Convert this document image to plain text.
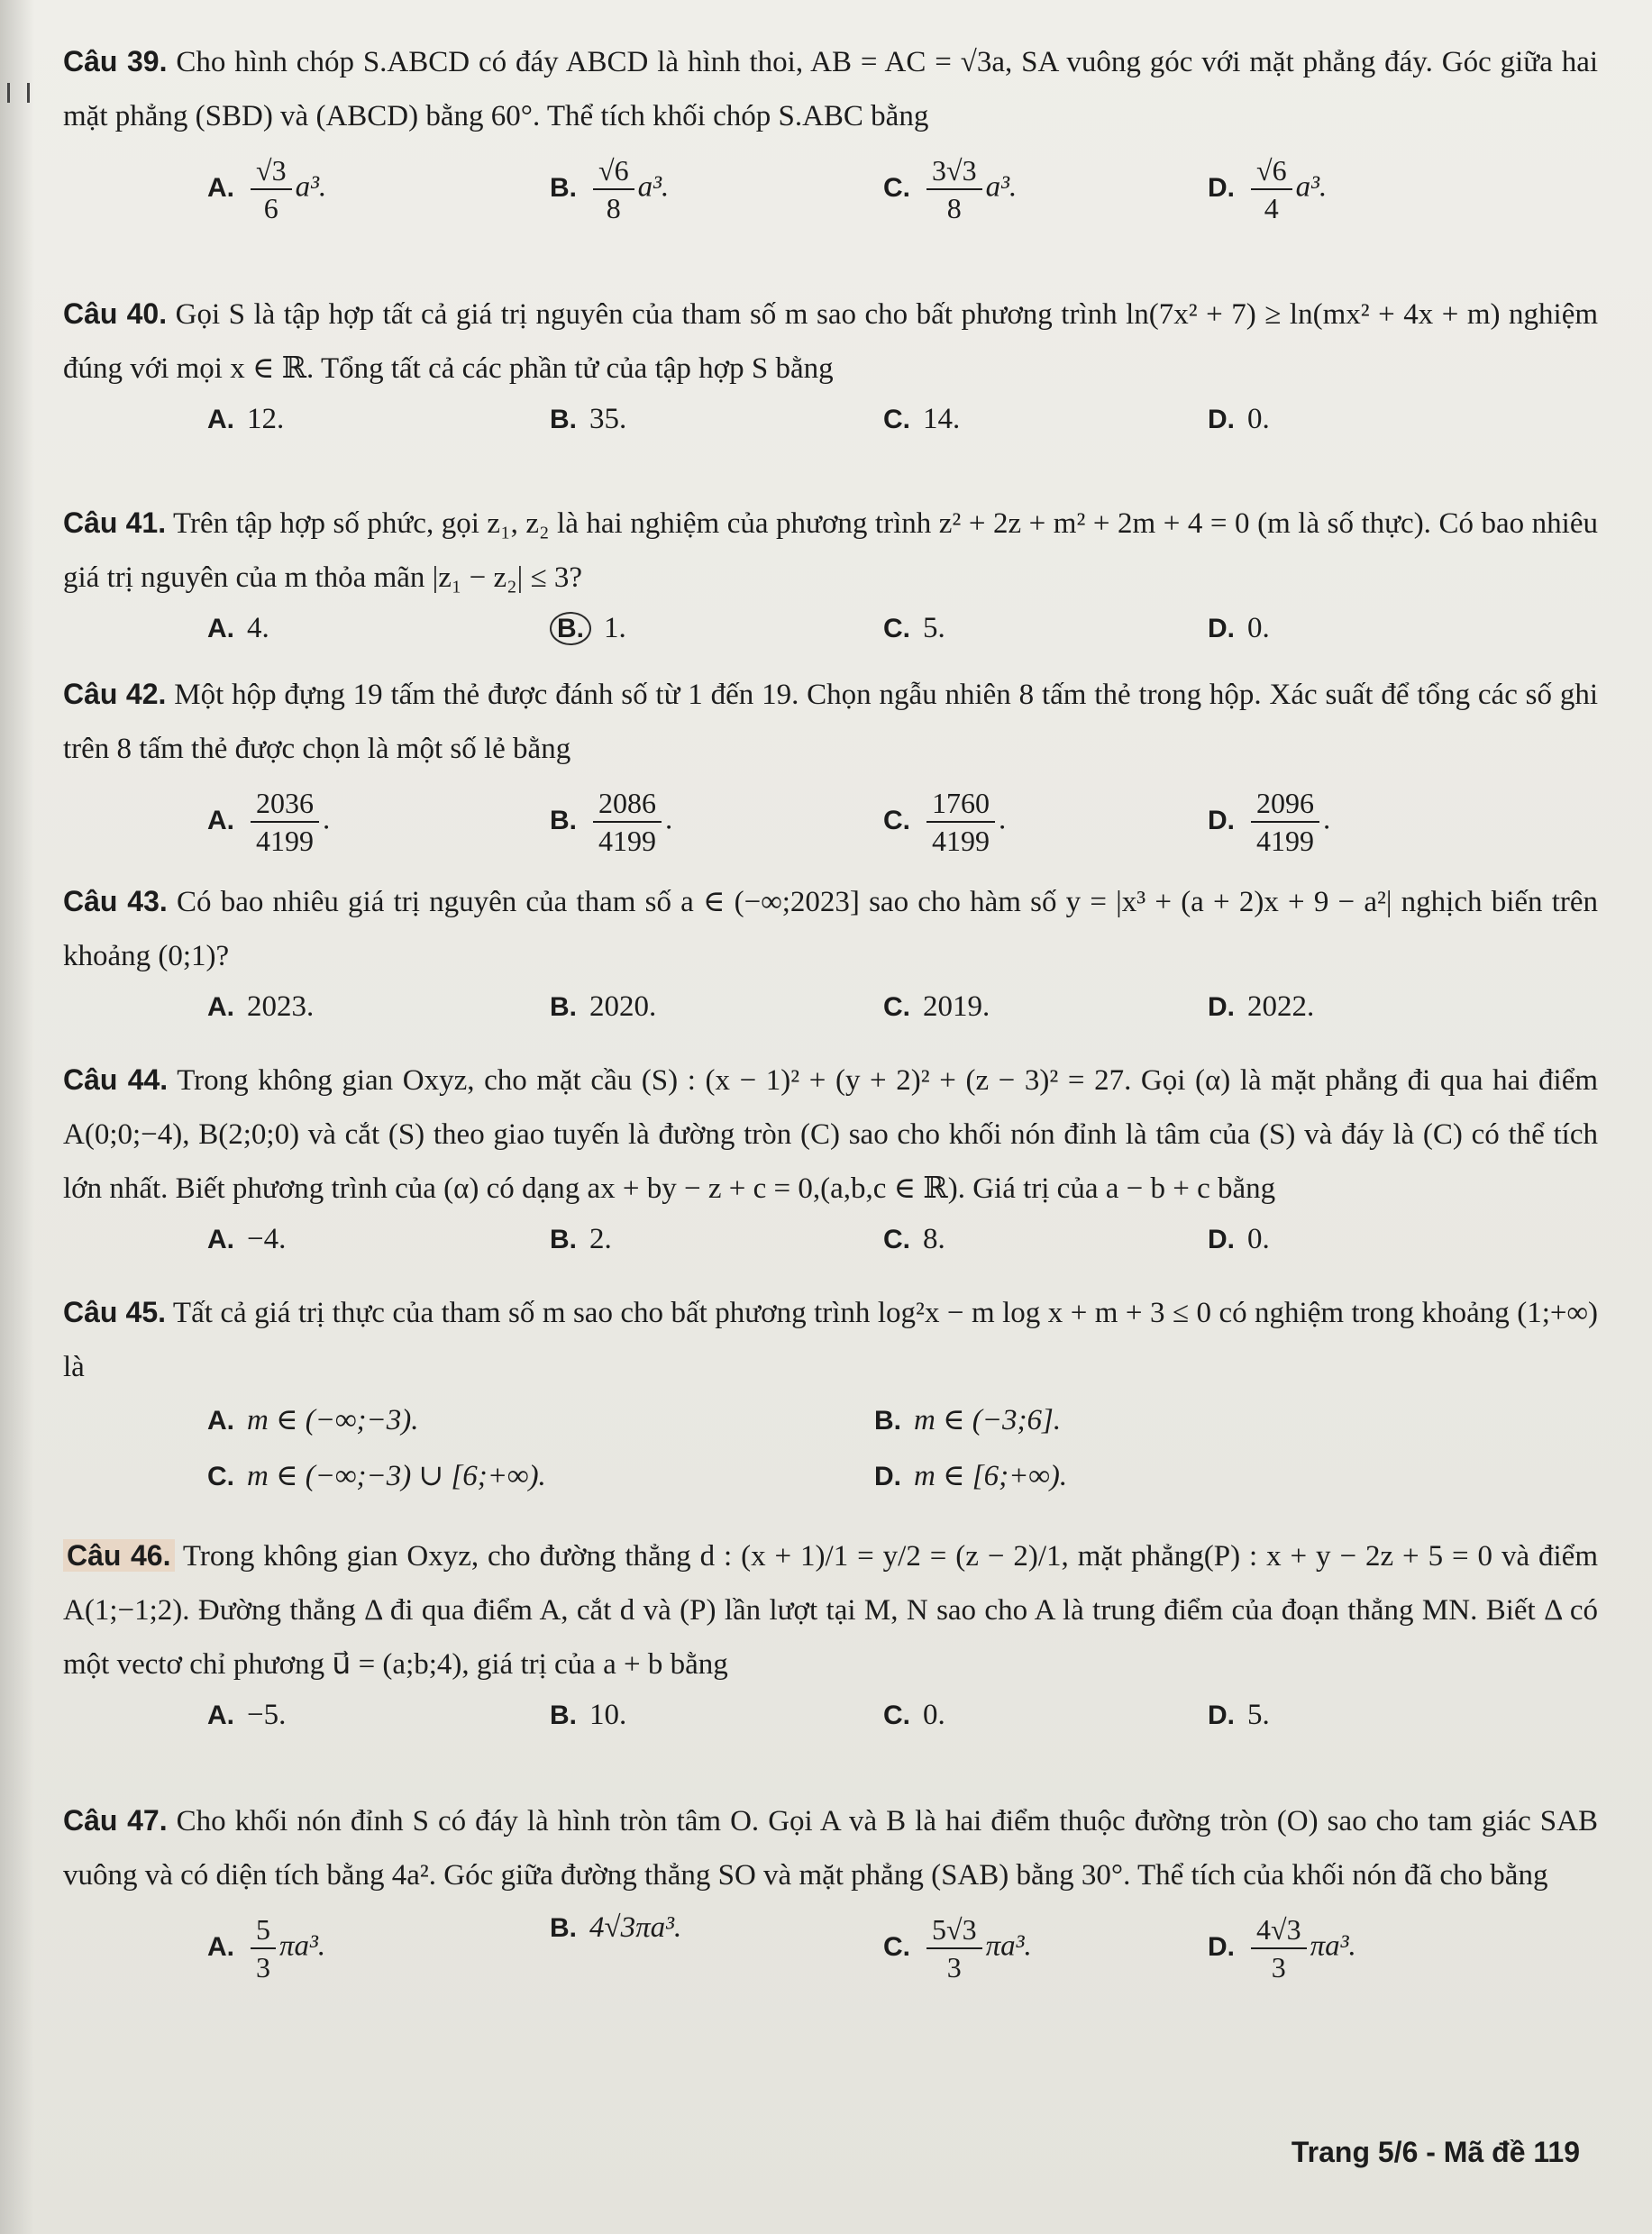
Câu 39. Cho hình chóp S.ABCD có đáy ABCD là hình thoi, AB = AC = √3a, SA vuông góc với mặt phẳng đáy. Góc giữa hai mặt phẳng (SBD) và (ABCD) bằng 60°. Thể tích khối chóp S.ABC bằng

A. $\frac{√3}{6} a^3$.	B. $\frac{√6}{8} a^3$.	C. $\frac{3√3}{8} a^3$.	D. $\frac{√6}{4} a^3$.

Câu 40. Gọi S là tập hợp tất cả giá trị nguyên của tham số m sao cho bất phương trình ln(7x² + 7) ≥ ln(mx² + 4x + m) nghiệm đúng với mọi x ∈ ℝ. Tổng tất cả các phần tử của tập hợp S bằng

A. 12.	B. 35.	C. 14.	D. 0.

Câu 41. Trên tập hợp số phức, gọi z₁, z₂ là hai nghiệm của phương trình z² + 2z + m² + 2m + 4 = 0 (m là số thực). Có bao nhiêu giá trị nguyên của m thỏa mãn |z₁ − z₂| ≤ 3?

A. 4.	B. 1.	C. 5.	D. 0.

Câu 42. Một hộp đựng 19 tấm thẻ được đánh số từ 1 đến 19. Chọn ngẫu nhiên 8 tấm thẻ trong hộp. Xác suất để tổng các số ghi trên 8 tấm thẻ được chọn là một số lẻ bằng

A. $\frac{2036}{4199}$ .	B. $\frac{2086}{4199}$ .	C. $\frac{1760}{4199}$ .	D. $\frac{2096}{4199}$ .

Câu 43. Có bao nhiêu giá trị nguyên của tham số a ∈ (−∞;2023] sao cho hàm số y = |x³ + (a + 2)x + 9 − a²| nghịch biến trên khoảng (0;1)?

A. 2023.	B. 2020.	C. 2019.	D. 2022.

Câu 44. Trong không gian Oxyz, cho mặt cầu (S) : (x − 1)² + (y + 2)² + (z − 3)² = 27. Gọi (α) là mặt phẳng đi qua hai điểm A(0;0;−4), B(2;0;0) và cắt (S) theo giao tuyến là đường tròn (C) sao cho khối nón đỉnh là tâm của (S) và đáy là (C) có thể tích lớn nhất. Biết phương trình của (α) có dạng ax + by − z + c = 0,(a,b,c ∈ ℝ). Giá trị của a − b + c bằng

A. −4.	B. 2.	C. 8.	D. 0.

Câu 45. Tất cả giá trị thực của tham số m sao cho bất phương trình log²x − m log x + m + 3 ≤ 0 có nghiệm trong khoảng (1;+∞) là

A. m ∈ (−∞;−3).	B. m ∈ (−3;6].
C. m ∈ (−∞;−3) ∪ [6;+∞).	D. m ∈ [6;+∞).

Câu 46. Trong không gian Oxyz, cho đường thẳng d : (x + 1)/1 = y/2 = (z − 2)/1, mặt phẳng(P) : x + y − 2z + 5 = 0 và điểm A(1;−1;2). Đường thẳng Δ đi qua điểm A, cắt d và (P) lần lượt tại M, N sao cho A là trung điểm của đoạn thẳng MN. Biết Δ có một vectơ chỉ phương u⃗ = (a;b;4), giá trị của a + b bằng

A. −5.	B. 10.	C. 0.	D. 5.

Câu 47. Cho khối nón đỉnh S có đáy là hình tròn tâm O. Gọi A và B là hai điểm thuộc đường tròn (O) sao cho tam giác SAB vuông và có diện tích bằng 4a². Góc giữa đường thẳng SO và mặt phẳng (SAB) bằng 30°. Thể tích của khối nón đã cho bằng

A. $\frac{5}{3} \pi a^3$.
B. 4√3πa³.
C. $\frac{5√3}{3} \pi a^3$.	D. $\frac{4√3}{3} \pi a^3$.
Trang 5/6 - Mã đề 119
